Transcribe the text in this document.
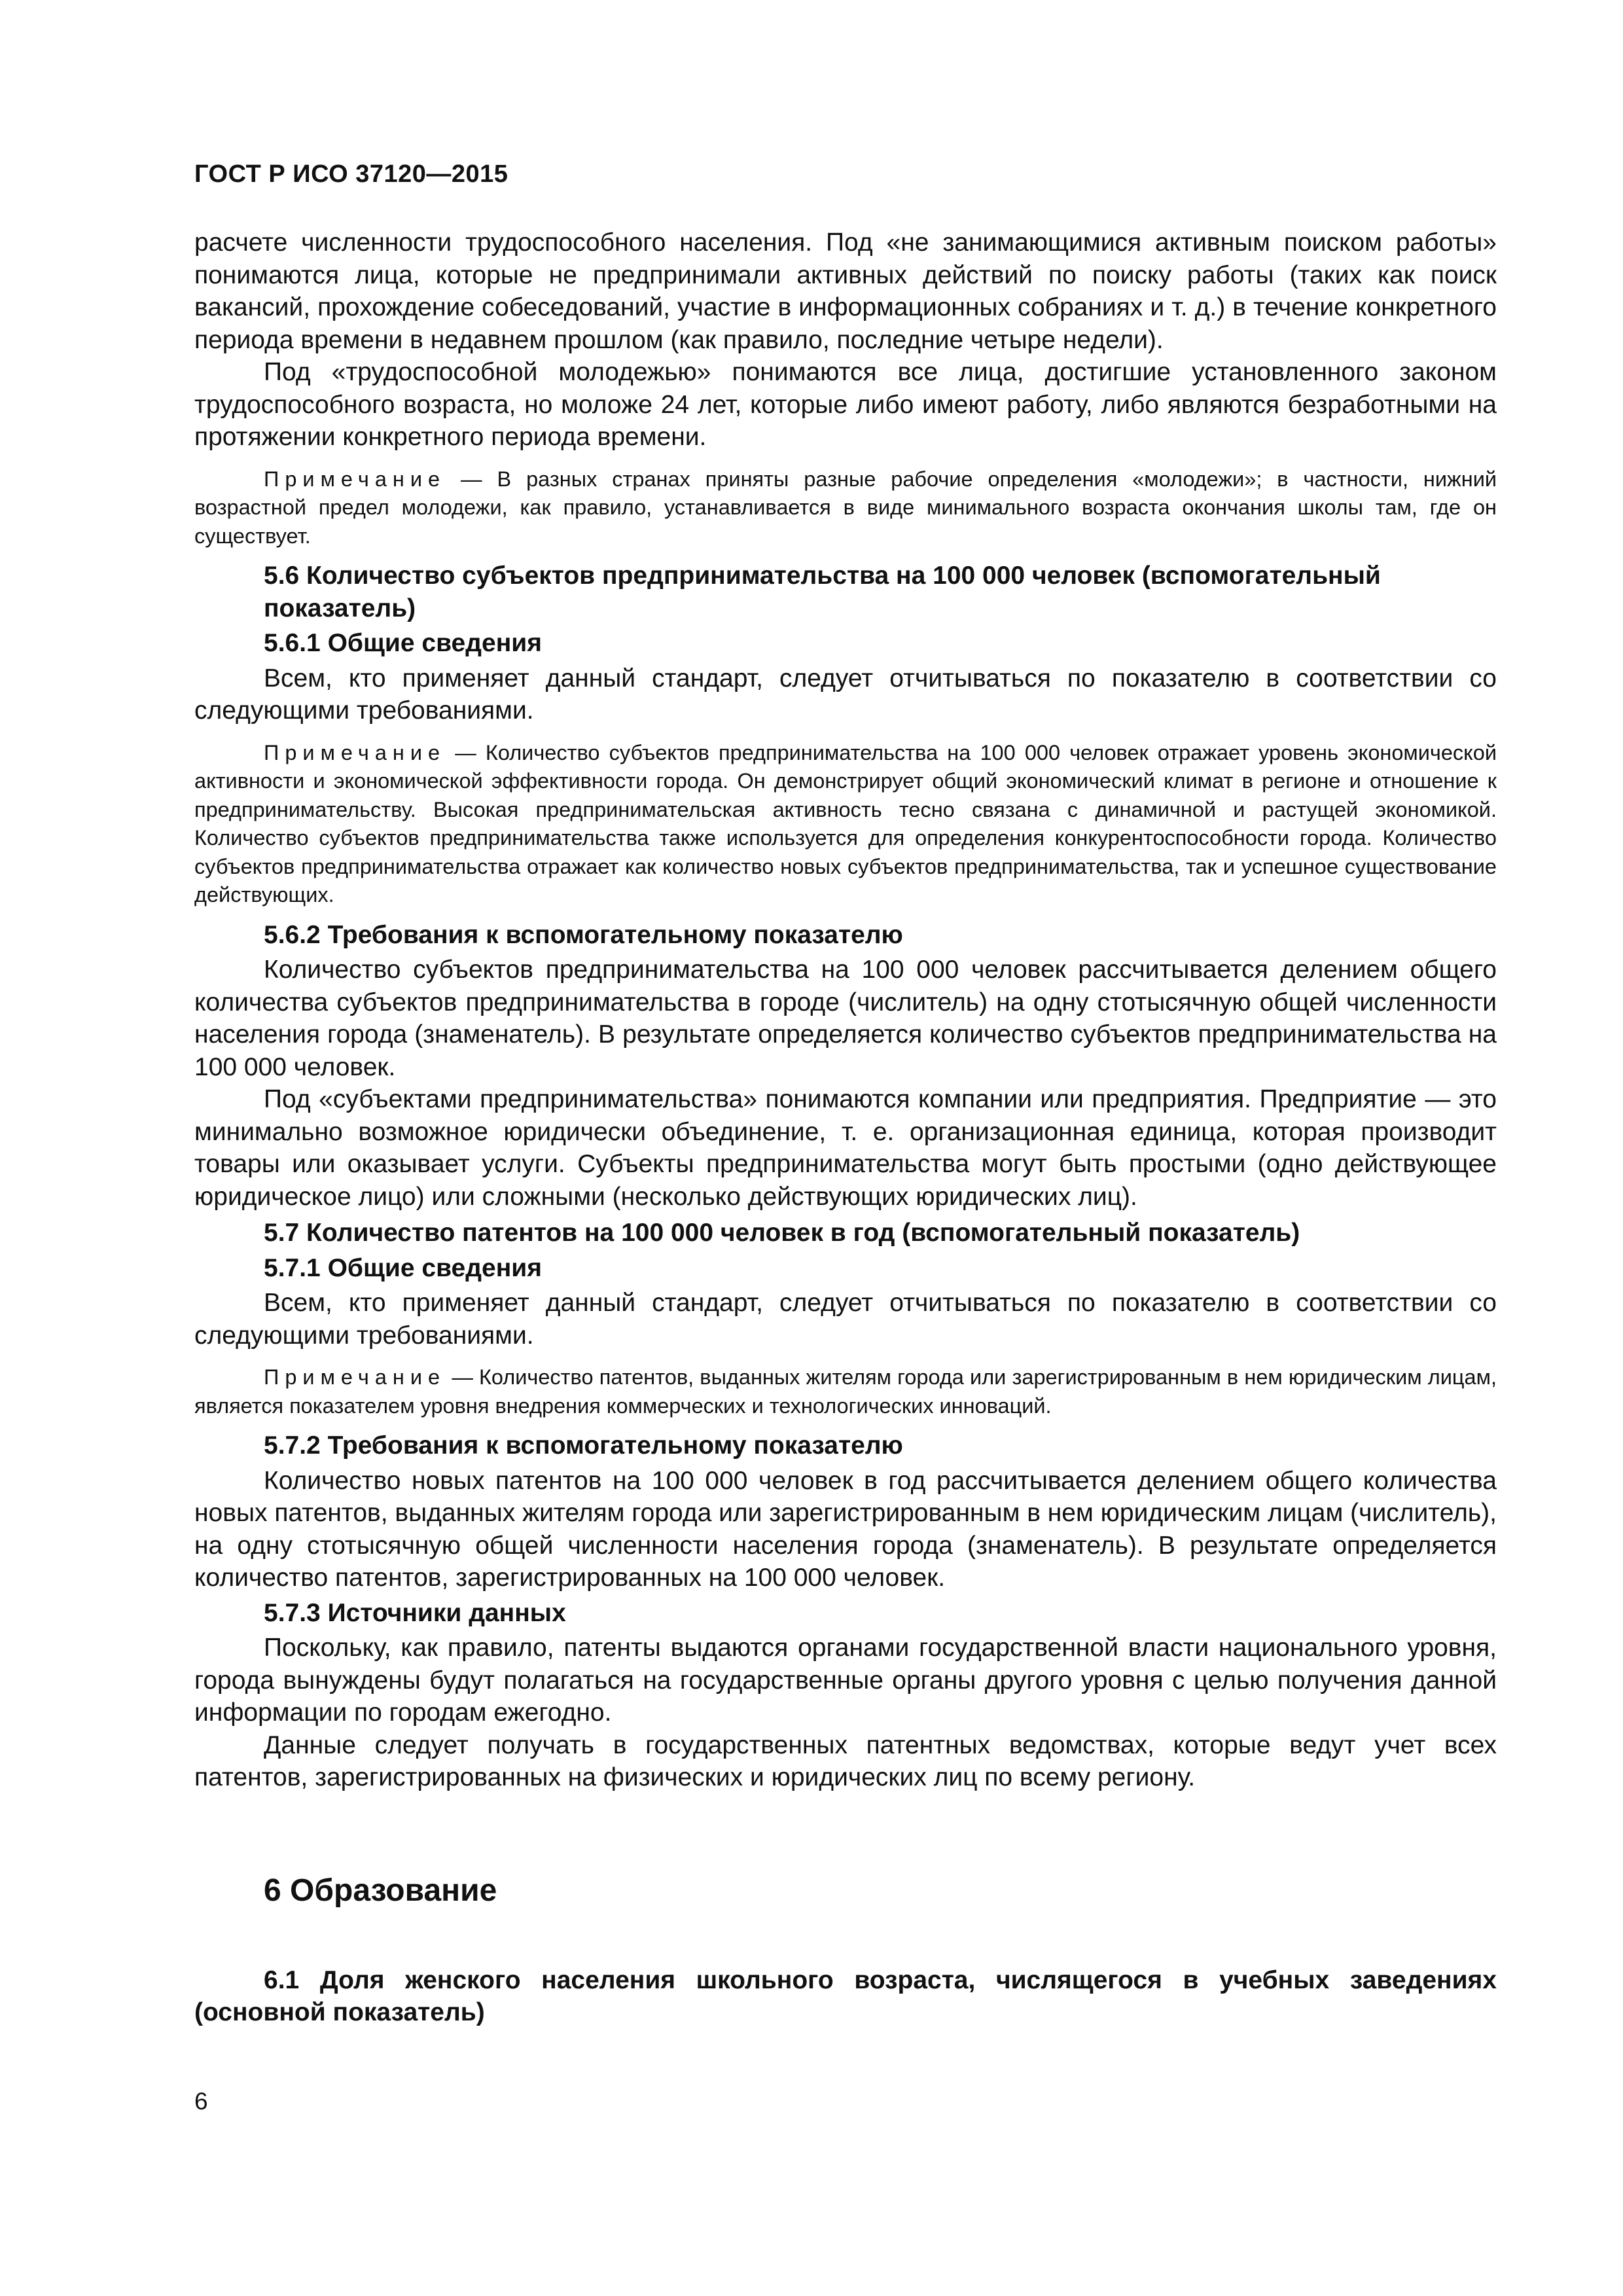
ГОСТ Р ИСО 37120—2015

расчете численности трудоспособного населения. Под «не занимающимися активным поиском работы» понимаются лица, которые не предпринимали активных действий по поиску работы (таких как поиск вакансий, прохождение собеседований, участие в информационных собраниях и т. д.) в течение конкретного периода времени в недавнем прошлом (как правило, последние четыре недели).

Под «трудоспособной молодежью» понимаются все лица, достигшие установленного законом трудоспособного возраста, но моложе 24 лет, которые либо имеют работу, либо являются безработными на протяжении конкретного периода времени.

Примечание — В разных странах приняты разные рабочие определения «молодежи»; в частности, нижний возрастной предел молодежи, как правило, устанавливается в виде минимального возраста окончания школы там, где он существует.

5.6 Количество субъектов предпринимательства на 100 000 человек (вспомогательный показатель)

5.6.1 Общие сведения

Всем, кто применяет данный стандарт, следует отчитываться по показателю в соответствии со следующими требованиями.

Примечание — Количество субъектов предпринимательства на 100 000 человек отражает уровень экономической активности и экономической эффективности города. Он демонстрирует общий экономический климат в регионе и отношение к предпринимательству. Высокая предпринимательская активность тесно связана с динамичной и растущей экономикой. Количество субъектов предпринимательства также используется для определения конкурентоспособности города. Количество субъектов предпринимательства отражает как количество новых субъектов предпринимательства, так и успешное существование действующих.

5.6.2 Требования к вспомогательному показателю

Количество субъектов предпринимательства на 100 000 человек рассчитывается делением общего количества субъектов предпринимательства в городе (числитель) на одну стотысячную общей численности населения города (знаменатель). В результате определяется количество субъектов предпринимательства на 100 000 человек.

Под «субъектами предпринимательства» понимаются компании или предприятия. Предприятие — это минимально возможное юридически объединение, т. е. организационная единица, которая производит товары или оказывает услуги. Субъекты предпринимательства могут быть простыми (одно действующее юридическое лицо) или сложными (несколько действующих юридических лиц).

5.7 Количество патентов на 100 000 человек в год (вспомогательный показатель)

5.7.1 Общие сведения

Всем, кто применяет данный стандарт, следует отчитываться по показателю в соответствии со следующими требованиями.

Примечание — Количество патентов, выданных жителям города или зарегистрированным в нем юридическим лицам, является показателем уровня внедрения коммерческих и технологических инноваций.

5.7.2 Требования к вспомогательному показателю

Количество новых патентов на 100 000 человек в год рассчитывается делением общего количества новых патентов, выданных жителям города или зарегистрированным в нем юридическим лицам (числитель), на одну стотысячную общей численности населения города (знаменатель). В результате определяется количество патентов, зарегистрированных на 100 000 человек.

5.7.3 Источники данных

Поскольку, как правило, патенты выдаются органами государственной власти национального уровня, города вынуждены будут полагаться на государственные органы другого уровня с целью получения данной информации по городам ежегодно.

Данные следует получать в государственных патентных ведомствах, которые ведут учет всех патентов, зарегистрированных на физических и юридических лиц по всему региону.

6 Образование

6.1 Доля женского населения школьного возраста, числящегося в учебных заведениях (основной показатель)

6
